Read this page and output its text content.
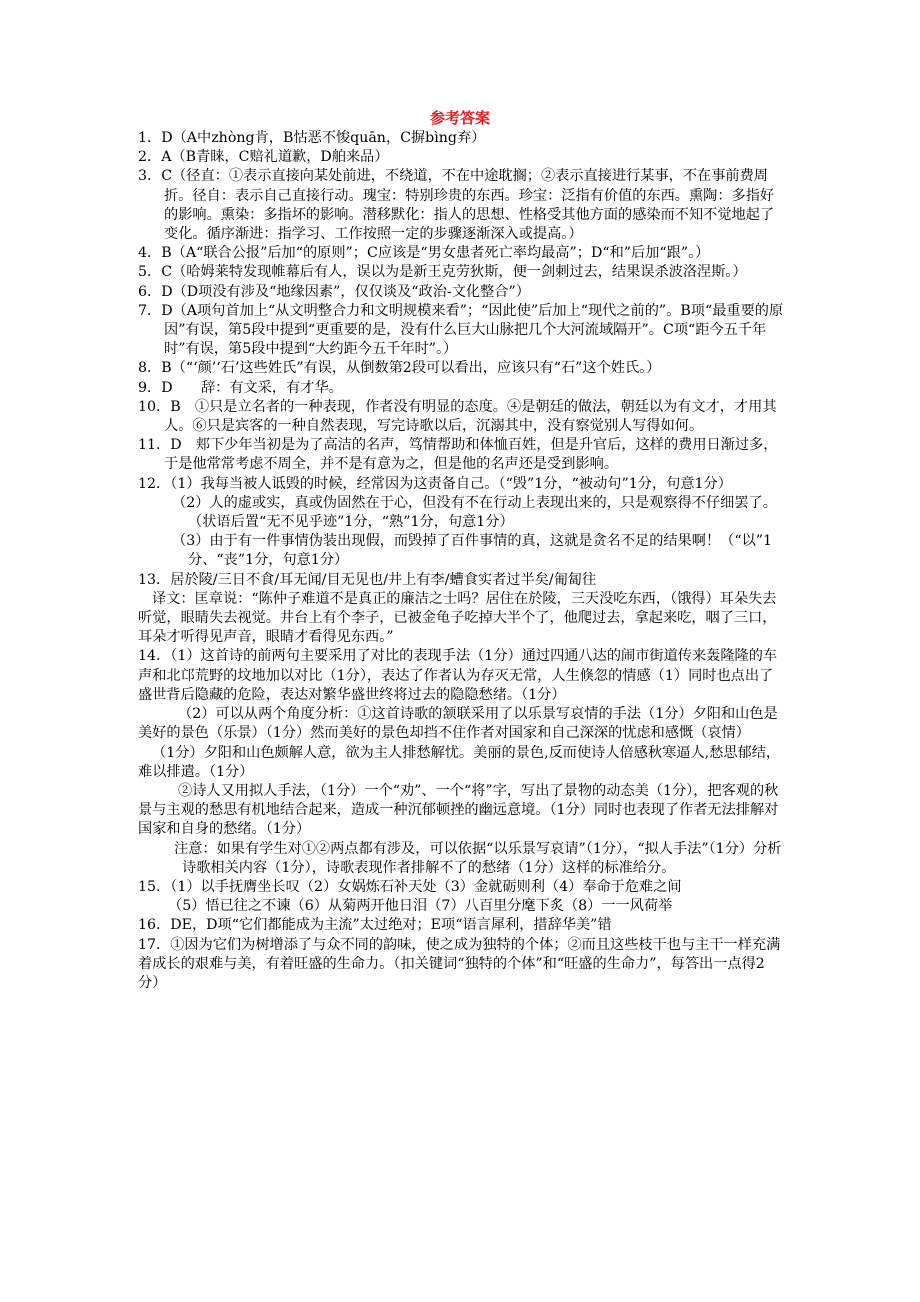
参考答案

1．D（A中zhòng肯，B怙恶不悛quān，C摒bìng弃）

2．A（B青睐，C赔礼道歉，D舶来品）

3．C（径直：①表示直接向某处前进，不绕道，不在中途耽搁；②表示直接进行某事，不在事前费周折。径自：表示自己直接行动。瑰宝：特别珍贵的东西。珍宝：泛指有价值的东西。熏陶：多指好的影响。熏染：多指坏的影响。潜移默化：指人的思想、性格受其他方面的感染而不知不觉地起了变化。循序渐进：指学习、工作按照一定的步骤逐渐深入或提高。）

4．B（A“联合公报”后加“的原则”；C应该是“男女患者死亡率均最高”；D“和”后加“跟”。）

5．C（哈姆莱特发现帷幕后有人，误以为是新王克劳狄斯，便一剑刺过去，结果误杀波洛涅斯。）

6．D（D项没有涉及“地缘因素”，仅仅谈及“政治-文化整合”）

7．D（A项句首加上“从文明整合力和文明规模来看”；“因此使”后加上“现代之前的”。B项“最重要的原因”有误，第5段中提到“更重要的是，没有什么巨大山脉把几个大河流域隔开”。C项“距今五千年时”有误，第5段中提到“大约距今五千年时”。）

8．B（“‘颜’‘石’这些姓氏”有误，从倒数第2段可以看出，应该只有“石”这个姓氏。）

9．D　　辞：有文采，有才华。

10．B　①只是立名者的一种表现，作者没有明显的态度。④是朝廷的做法，朝廷以为有文才，才用其人。⑥只是宾客的一种自然表现，写完诗歌以后，沉溺其中，没有察觉别人写得如何。

11．D　郏下少年当初是为了高洁的名声，笃情帮助和体恤百姓，但是升官后，这样的费用日渐过多，于是他常常考虑不周全，并不是有意为之，但是他的名声还是受到影响。

12．（1）我每当被人诋毁的时候，经常因为这责备自己。（“毁”1分，“被动句”1分，句意1分）

（2）人的虚或实，真或伪固然在于心，但没有不在行动上表现出来的，只是观察得不仔细罢了。（状语后置“无不见乎迹”1分，“熟”1分，句意1分）

（3）由于有一件事情伪装出现假，而毁掉了百件事情的真，这就是贪名不足的结果啊！（“以”1分、“丧”1分，句意1分）

13．居於陵/三日不食/耳无闻/目无见也/井上有李/螬食实者过半矣/匍匐往

译文：匡章说：“陈仲子难道不是真正的廉洁之士吗？居住在於陵，三天没吃东西，（饿得）耳朵失去听觉，眼睛失去视觉。井台上有个李子，已被金龟子吃掉大半个了，他爬过去，拿起来吃，咽了三口，耳朵才听得见声音，眼睛才看得见东西。”

14．（1）这首诗的前两句主要采用了对比的表现手法（1分）通过四通八达的闹市街道传来轰隆隆的车声和北邙荒野的坟地加以对比（1分），表达了作者认为存灭无常，人生倏忽的情感（1）同时也点出了盛世背后隐藏的危险，表达对繁华盛世终将过去的隐隐愁绪。（1分）

（2）可以从两个角度分析：①这首诗歌的颔联采用了以乐景写哀情的手法（1分）夕阳和山色是美好的景色（乐景）（1分）然而美好的景色却挡不住作者对国家和自己深深的忧虑和感慨（哀情）

（1分）夕阳和山色颇解人意，欲为主人排愁解忧。美丽的景色,反而使诗人倍感秋寒逼人,愁思郁结，难以排遣。（1分）

②诗人又用拟人手法，（1分）一个“劝”、一个“将”字，写出了景物的动态美（1分），把客观的秋景与主观的愁思有机地结合起来，造成一种沉郁顿挫的幽远意境。（1分）同时也表现了作者无法排解对国家和自身的愁绪。（1分）

注意：如果有学生对①②两点都有涉及，可以依据“以乐景写哀请”（1分），“拟人手法”（1分）分析诗歌相关内容（1分），诗歌表现作者排解不了的愁绪（1分）这样的标准给分。

15．（1）以手抚膺坐长叹（2）女娲炼石补天处（3）金就砺则利（4）奉命于危难之间

（5）悟已往之不谏（6）从菊两开他日泪（7）八百里分麾下炙（8）一一风荷举

16．DE，D项“它们都能成为主流”太过绝对；E项“语言犀利，措辞华美”错

17．①因为它们为树增添了与众不同的韵味，使之成为独特的个体；②而且这些枝干也与主干一样充满着成长的艰难与美，有着旺盛的生命力。（扣关键词“独特的个体”和“旺盛的生命力”，每答出一点得2分）
